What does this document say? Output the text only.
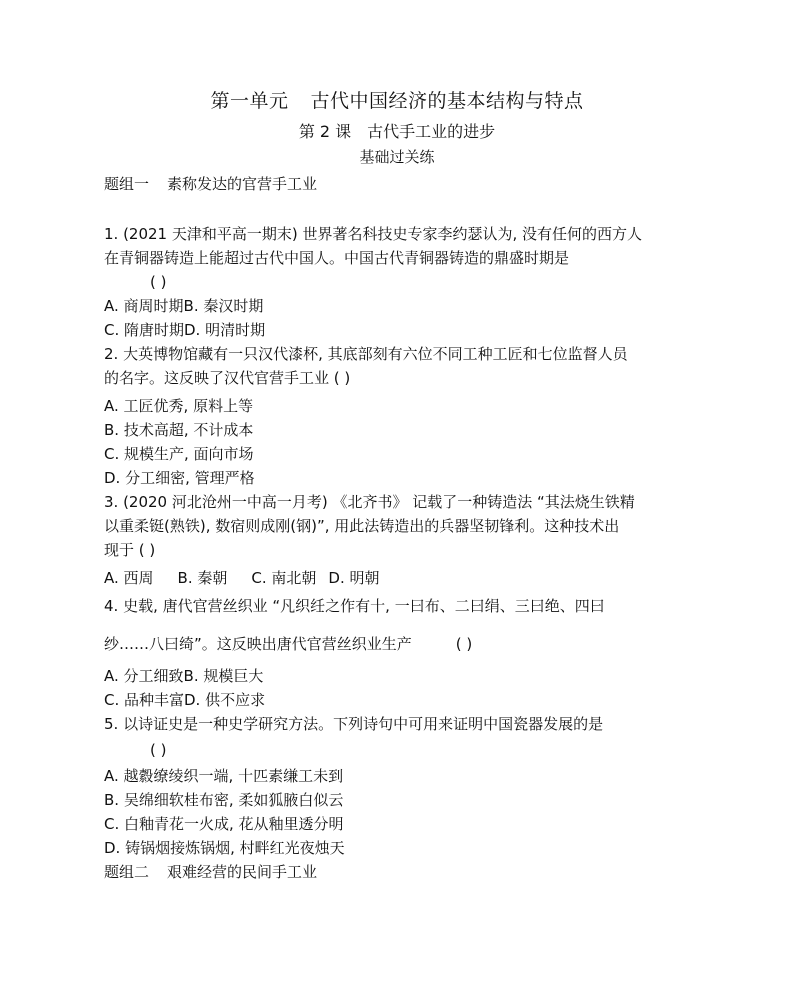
第一单元 古代中国经济的基本结构与特点
第 2 课 古代手工业的进步
基础过关练
题组一 素称发达的官营手工业
1. (2021 天津和平高一期末) 世界著名科技史专家李约瑟认为, 没有任何的西方人
在青铜器铸造上能超过古代中国人。中国古代青铜器铸造的鼎盛时期是
( )
A. 商周时期B. 秦汉时期
C. 隋唐时期D. 明清时期
2. 大英博物馆藏有一只汉代漆杯, 其底部刻有六位不同工种工匠和七位监督人员
的名字。这反映了汉代官营手工业 ( )
A. 工匠优秀, 原料上等
B. 技术高超, 不计成本
C. 规模生产, 面向市场
D. 分工细密, 管理严格
3. (2020 河北沧州一中高一月考) 《北齐书》 记载了一种铸造法 “其法烧生铁精
以重柔铤(熟铁), 数宿则成刚(钢)”, 用此法铸造出的兵器坚韧锋利。这种技术出
现于 ( )
A. 西周 B. 秦朝 C. 南北朝 D. 明朝
4. 史载, 唐代官营丝织业 “凡织纴之作有十, 一曰布、二曰绢、三曰绝、四曰
纱……八曰绮”。这反映出唐代官营丝织业生产	( )
A. 分工细致B. 规模巨大
C. 品种丰富D. 供不应求
5. 以诗证史是一种史学研究方法。下列诗句中可用来证明中国瓷器发展的是
( )
A. 越縠缭绫织一端, 十匹素缣工未到
B. 吴绵细软桂布密, 柔如狐腋白似云
C. 白釉青花一火成, 花从釉里透分明
D. 铸锅烟接炼锅烟, 村畔红光夜烛天
题组二 艰难经营的民间手工业
